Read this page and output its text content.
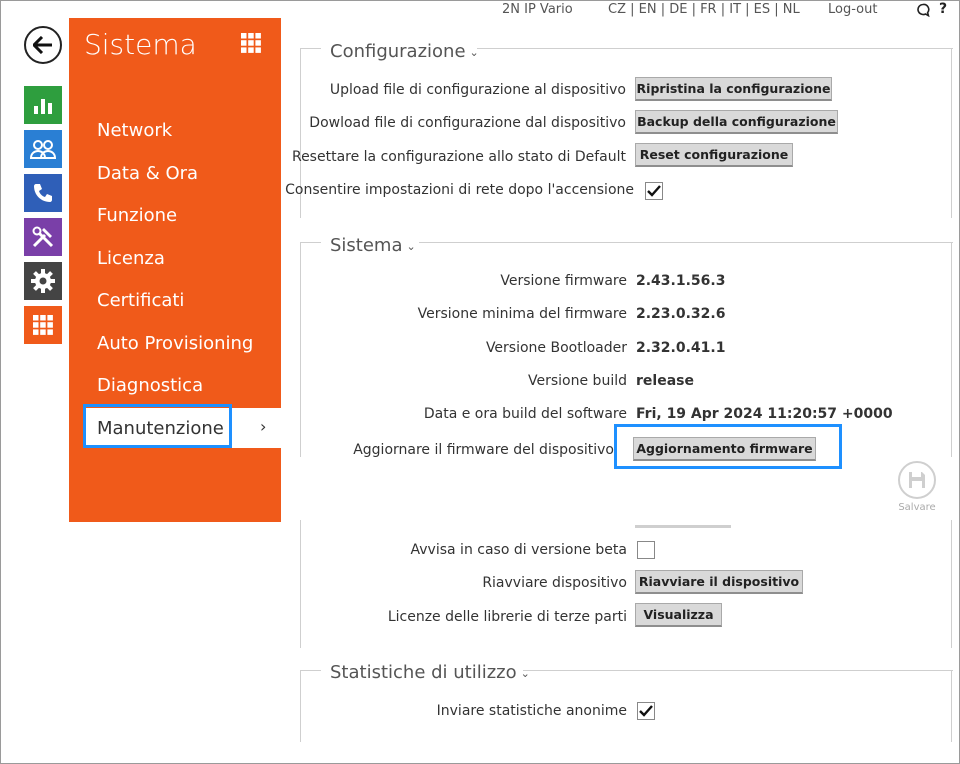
2N IP Vario	CZ | EN | DE | FR | IT | ES | NL Log-out	?
Sistema
Network
Data & Ora
Funzione
Licenza
Certificati
Auto Provisioning
Diagnostica
Manutenzione ›
Configurazione ⌄
Upload file di configurazione al dispositivo Ripristina la configurazione
Dowload file di configurazione dal dispositivo Backup della configurazione
Resettare la configurazione allo stato di Default	Reset configurazione
Consentire impostazioni di rete dopo l'accensione
Sistema ⌄
Versione firmware 2.43.1.56.3
Versione minima del firmware 2.23.0.32.6
Versione Bootloader 2.32.0.41.1
Versione build release
Data e ora build del software Fri, 19 Apr 2024 11:20:57 +0000
Aggiornare il firmware del dispositivo Aggiornamento firmware
Salvare
Avvisa in caso di versione beta
Riavviare dispositivo Riavviare il dispositivo
Licenze delle librerie di terze parti	Visualizza
Statistiche di utilizzo ⌄
Inviare statistiche anonime
